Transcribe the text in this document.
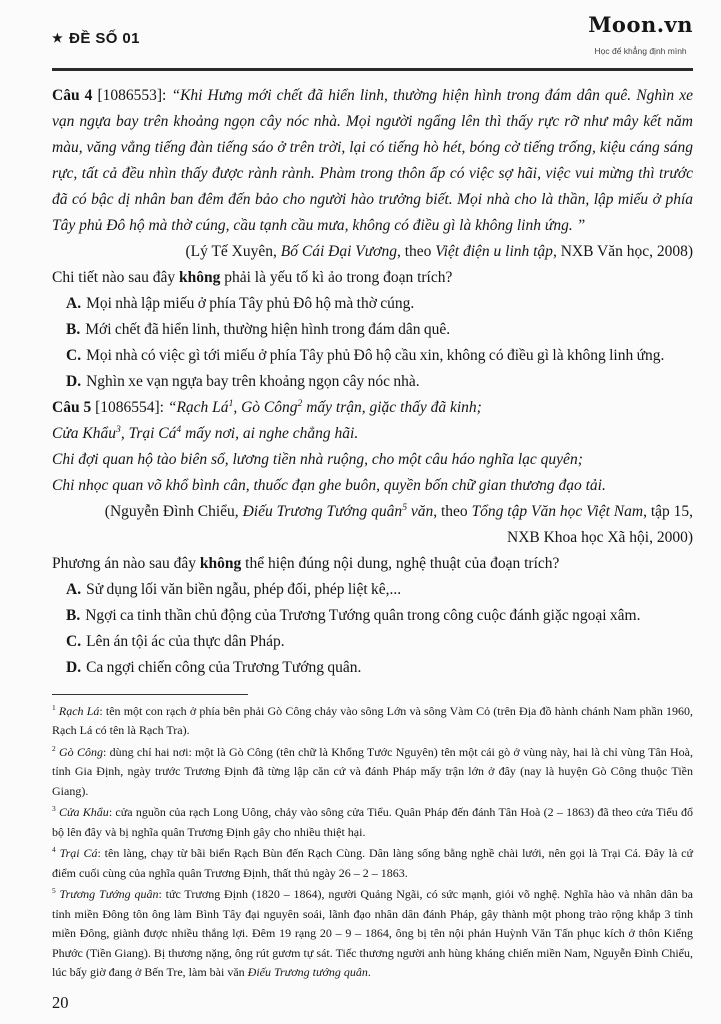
★ ĐỀ SỐ 01
Moon.vn
Học để khẳng định mình

Câu 4 [1086553]: “Khi Hưng mới chết đã hiển linh, thường hiện hình trong đám dân quê. Nghìn xe vạn ngựa bay trên khoảng ngọn cây nóc nhà. Mọi người ngẩng lên thì thấy rực rỡ như mây kết năm màu, văng vẳng tiếng đàn tiếng sáo ở trên trời, lại có tiếng hò hét, bóng cờ tiếng trống, kiệu cáng sáng rực, tất cả đều nhìn thấy được rành rành. Phàm trong thôn ấp có việc sợ hãi, việc vui mừng thì trước đã có bậc dị nhân ban đêm đến bảo cho người hào trưởng biết. Mọi nhà cho là thần, lập miếu ở phía Tây phủ Đô hộ mà thờ cúng, cầu tạnh cầu mưa, không có điều gì là không linh ứng. ”

(Lý Tế Xuyên, Bố Cái Đại Vương, theo Việt điện u linh tập, NXB Văn học, 2008)

Chi tiết nào sau đây không phải là yếu tố kì ảo trong đoạn trích?

A. Mọi nhà lập miếu ở phía Tây phủ Đô hộ mà thờ cúng.

B. Mới chết đã hiển linh, thường hiện hình trong đám dân quê.

C. Mọi nhà có việc gì tới miếu ở phía Tây phủ Đô hộ cầu xin, không có điều gì là không linh ứng.

D. Nghìn xe vạn ngựa bay trên khoảng ngọn cây nóc nhà.

Câu 5 [1086554]: “Rạch $Lá^1$, Gò Công$^2$ mấy trận, giặc thấy đã kinh;

Cửa Khẩu$^3$, Trại $Cá^4$ mấy nơi, ai nghe chẳng hãi.

Chi đợi quan hộ tào biên sổ, lương tiền nhà ruộng, cho một câu háo nghĩa lạc quyên;

Chi nhọc quan võ khổ bình cân, thuốc đạn ghe buôn, quyền bốn chữ gian thương đạo tải.

(Nguyễn Đình Chiểu, Điếu Trương Tướng quân$^5$ văn, theo Tổng tập Văn học Việt Nam, tập 15,

NXB Khoa học Xã hội, 2000)

Phương án nào sau đây không thể hiện đúng nội dung, nghệ thuật của đoạn trích?

A. Sử dụng lối văn biền ngẫu, phép đối, phép liệt kê,...

B. Ngợi ca tinh thần chủ động của Trương Tướng quân trong công cuộc đánh giặc ngoại xâm.

C. Lên án tội ác của thực dân Pháp.

D. Ca ngợi chiến công của Trương Tướng quân.

$^1$ Rạch Lá: tên một con rạch ở phía bên phải Gò Công chảy vào sông Lớn và sông Vàm Cỏ (trên Địa đồ hành chánh Nam phần 1960, Rạch Lá có tên là Rạch Tra).

$^2$ Gò Công: dùng chỉ hai nơi: một là Gò Công (tên chữ là Khổng Tước Nguyên) tên một cái gò ở vùng này, hai là chỉ vùng Tân Hoà, tỉnh Gia Định, ngày trước Trương Định đã từng lập căn cứ và đánh Pháp mấy trận lớn ở đây (nay là huyện Gò Công thuộc Tiền Giang).

$^3$ Cửa Khẩu: cửa nguồn của rạch Long Uông, chảy vào sông cửa Tiểu. Quân Pháp đến đánh Tân Hoà (2 – 1863) đã theo cửa Tiểu đổ bộ lên đây và bị nghĩa quân Trương Định gây cho nhiều thiệt hại.

$^4$ Trại Cá: tên làng, chạy từ bãi biển Rạch Bùn đến Rạch Cùng. Dân làng sống bằng nghề chài lưới, nên gọi là Trại Cá. Đây là cứ điểm cuối cùng của nghĩa quân Trương Định, thất thủ ngày 26 – 2 – 1863.

$^5$ Trương Tướng quân: tức Trương Định (1820 – 1864), người Quảng Ngãi, có sức mạnh, giỏi võ nghệ. Nghĩa hào và nhân dân ba tỉnh miền Đông tôn ông làm Bình Tây đại nguyên soái, lãnh đạo nhân dân đánh Pháp, gây thành một phong trào rộng khắp 3 tỉnh miền Đông, giành được nhiều thắng lợi. Đêm 19 rạng 20 – 9 – 1864, ông bị tên nội phản Huỳnh Văn Tấn phục kích ở thôn Kiểng Phước (Tiền Giang). Bị thương nặng, ông rút gươm tự sát. Tiếc thương người anh hùng kháng chiến miền Nam, Nguyễn Đình Chiểu, lúc bấy giờ đang ở Bến Tre, làm bài văn Điếu Trương tướng quân.

20
